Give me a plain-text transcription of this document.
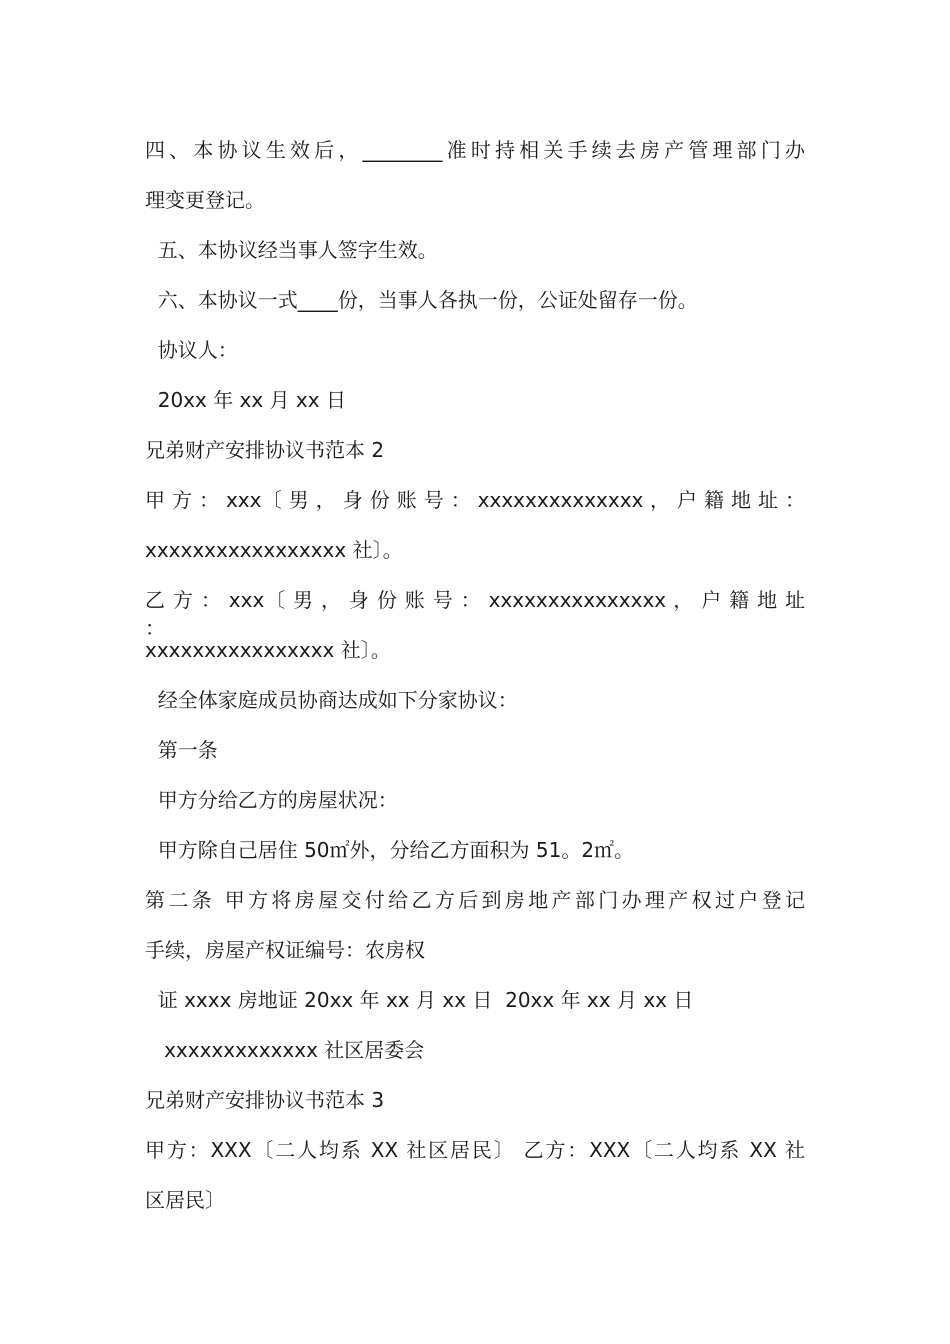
四、本协议生效后，________准时持相关手续去房产管理部门办
理变更登记。
五、本协议经当事人签字生效。
六、本协议一式____份，当事人各执一份，公证处留存一份。
协议人：
20xx 年 xx 月 xx 日
兄弟财产安排协议书范本 2
甲 方 ： xxx〔 男 ， 身 份 账 号 ： xxxxxxxxxxxxxx ， 户 籍 地 址 ：
xxxxxxxxxxxxxxxxx 社〕。
乙 方 ： xxx〔 男 ， 身 份 账 号 ： xxxxxxxxxxxxxxx ， 户 籍 地 址 ：
xxxxxxxxxxxxxxxx 社〕。
经全体家庭成员协商达成如下分家协议：
第一条
甲方分给乙方的房屋状况：
甲方除自己居住 50㎡外，分给乙方面积为 51。2㎡。
第二条 甲方将房屋交付给乙方后到房地产部门办理产权过户登记
手续，房屋产权证编号：农房权
证 xxxx 房地证 20xx 年 xx 月 xx 日  20xx 年 xx 月 xx 日
xxxxxxxxxxxxx 社区居委会
兄弟财产安排协议书范本 3
甲方：XXX〔二人均系 XX 社区居民〕 乙方：XXX〔二人均系 XX 社
区居民〕
